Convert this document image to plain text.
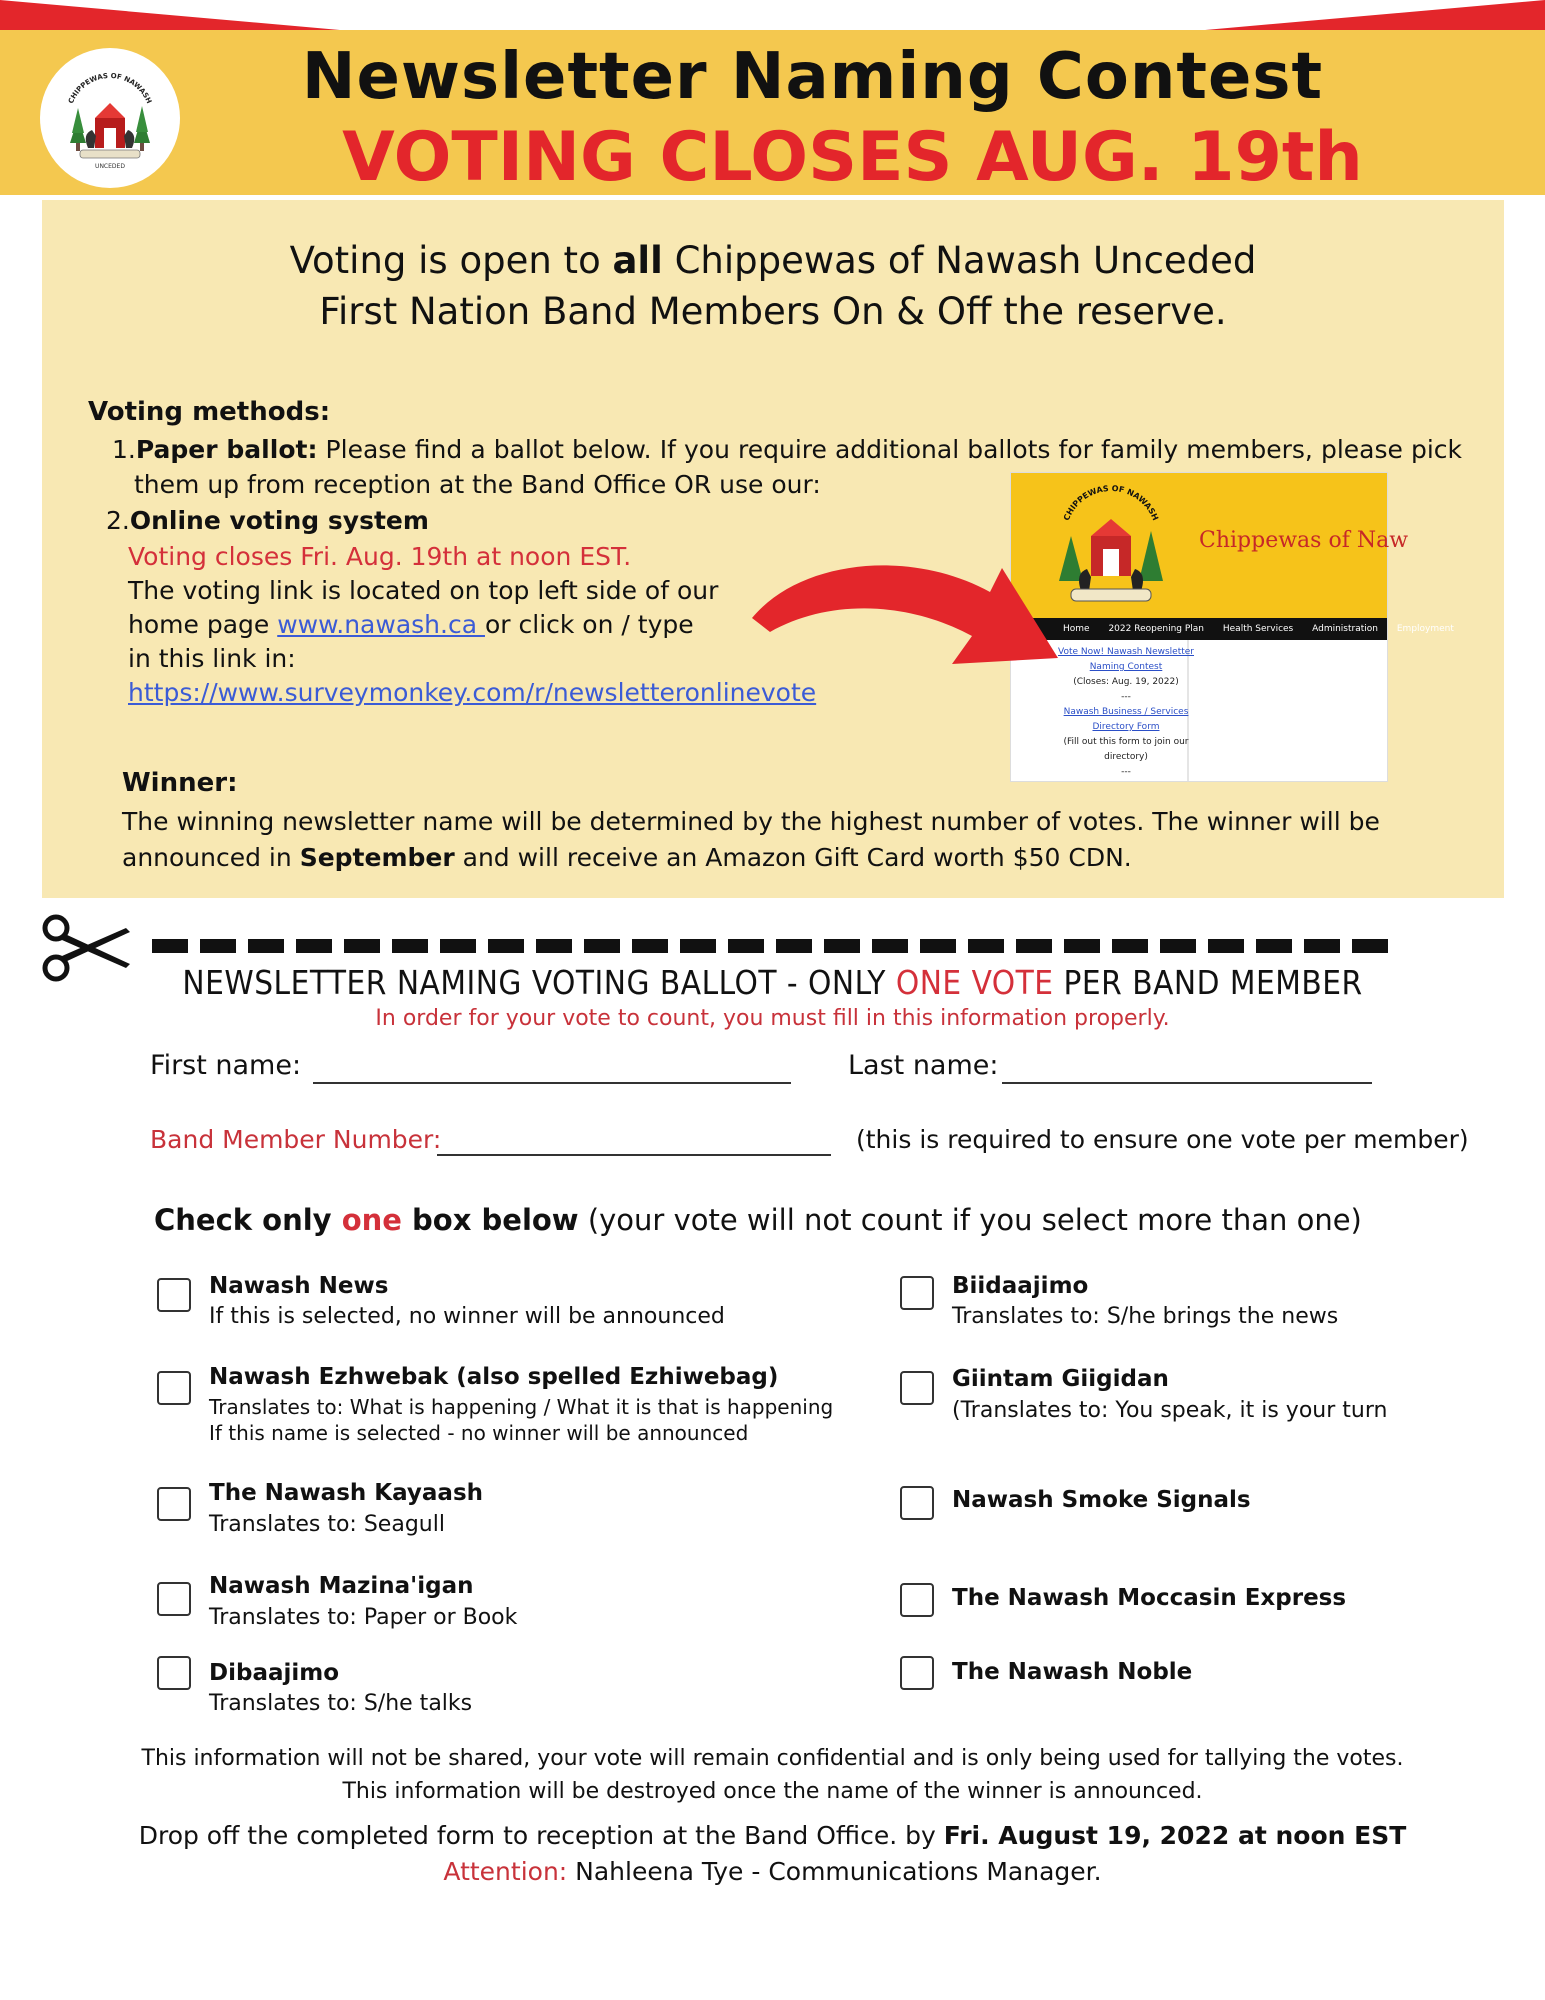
CHIPPEWAS OF NAWASH
UNCEDED
Newsletter Naming Contest
VOTING CLOSES AUG. 19th
Voting is open to all Chippewas of Nawash Unceded
First Nation Band Members On & Off the reserve.
Voting methods:
1.Paper ballot: Please find a ballot below. If you require additional ballots for family members, please pick them up from reception at the Band Office OR use our:
2.Online voting system
Voting closes Fri. Aug. 19th at noon EST.
The voting link is located on top left side of our
home page www.nawash.ca or click on / type
in this link in:
https://www.surveymonkey.com/r/newsletteronlinevote
CHIPPEWAS OF NAWASH
Chippewas of Naw
Home 2022 Reopening Plan Health Services Administration Employment
Vote Now! Nawash Newsletter Naming Contest
(Closes: Aug. 19, 2022)
---
Nawash Business / Services Directory Form
(Fill out this form to join our directory)
---
Winner:
The winning newsletter name will be determined by the highest number of votes. The winner will be announced in September and will receive an Amazon Gift Card worth $50 CDN.
NEWSLETTER NAMING VOTING BALLOT - ONLY ONE VOTE PER BAND MEMBER
In order for your vote to count, you must fill in this information properly.
First name:	Last name:
Band Member Number:	(this is required to ensure one vote per member)
Check only one box below (your vote will not count if you select more than one)
Nawash News
If this is selected, no winner will be announced
Nawash Ezhwebak (also spelled Ezhiwebag)
Translates to: What is happening / What it is that is happening
If this name is selected - no winner will be announced
The Nawash Kayaash
Translates to: Seagull
Nawash Mazina'igan
Translates to: Paper or Book
Dibaajimo
Translates to: S/he talks
Biidaajimo
Translates to: S/he brings the news
Giintam Giigidan
(Translates to: You speak, it is your turn
Nawash Smoke Signals
The Nawash Moccasin Express
The Nawash Noble
This information will not be shared, your vote will remain confidential and is only being used for tallying the votes.
This information will be destroyed once the name of the winner is announced.
Drop off the completed form to reception at the Band Office. by Fri. August 19, 2022 at noon EST
Attention: Nahleena Tye - Communications Manager.
